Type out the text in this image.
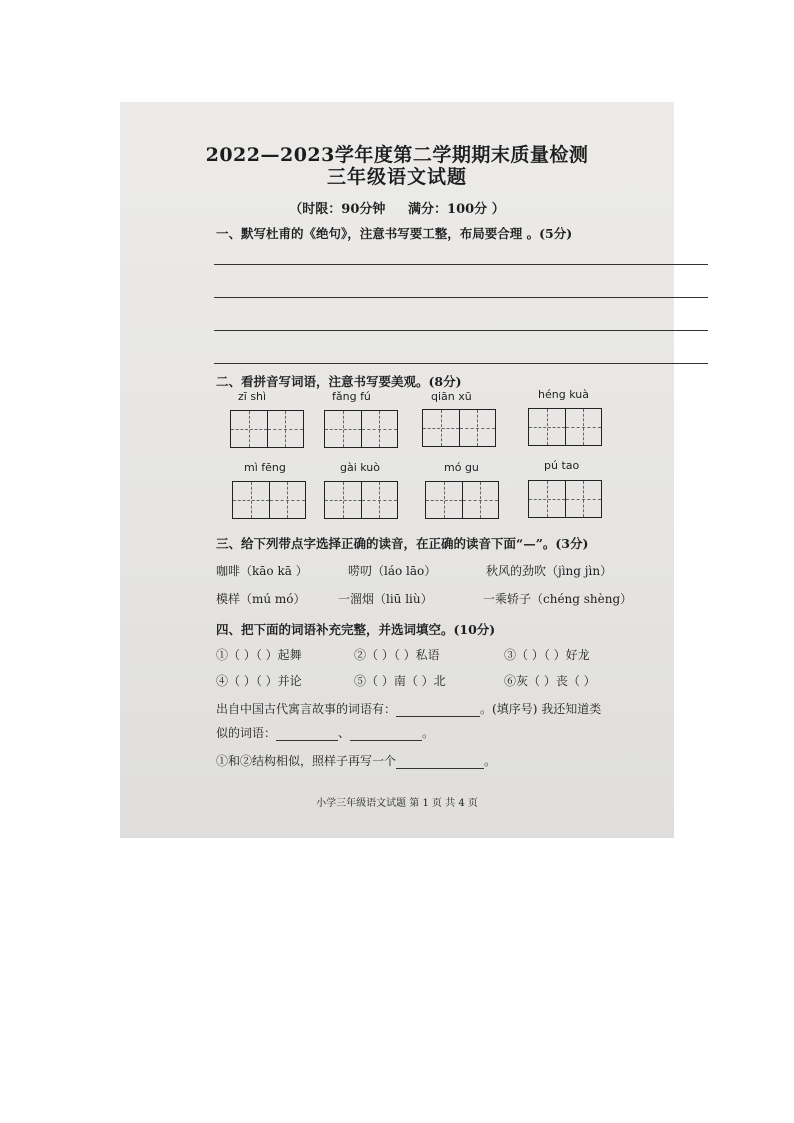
2022—2023学年度第二学期期末质量检测
三年级语文试题
（时限：90分钟 满分：100分 ）
一、默写杜甫的《绝句》，注意书写要工整，布局要合理 。(5分)
二、看拼音写词语，注意书写要美观。(8分)
zī shì	fǎng fú	qiān xū	héng kuà
mì fēng	gài kuò	mó gu	pú tao
三、给下列带点字选择正确的读音，在正确的读音下面“—”。(3分)
咖啡（kāo kā ）	唠叨（láo lāo）	秋风的劲吹（jìng jìn）
模样（mú mó）	一溜烟（liū liù）	一乘轿子（chéng shèng）
四、把下面的词语补充完整，并选词填空。(10分)
①（ ）（ ）起舞	②（ ）（ ）私语	③（ ）（ ）好龙
④（ ）（ ）并论	⑤（ ）南（ ）北	⑥灰（ ）丧（ ）
出自中国古代寓言故事的词语有：	。(填序号) 我还知道类
似的词语：	、	。
①和②结构相似，照样子再写一个	。
小学三年级语文试题 第 1 页 共 4 页
